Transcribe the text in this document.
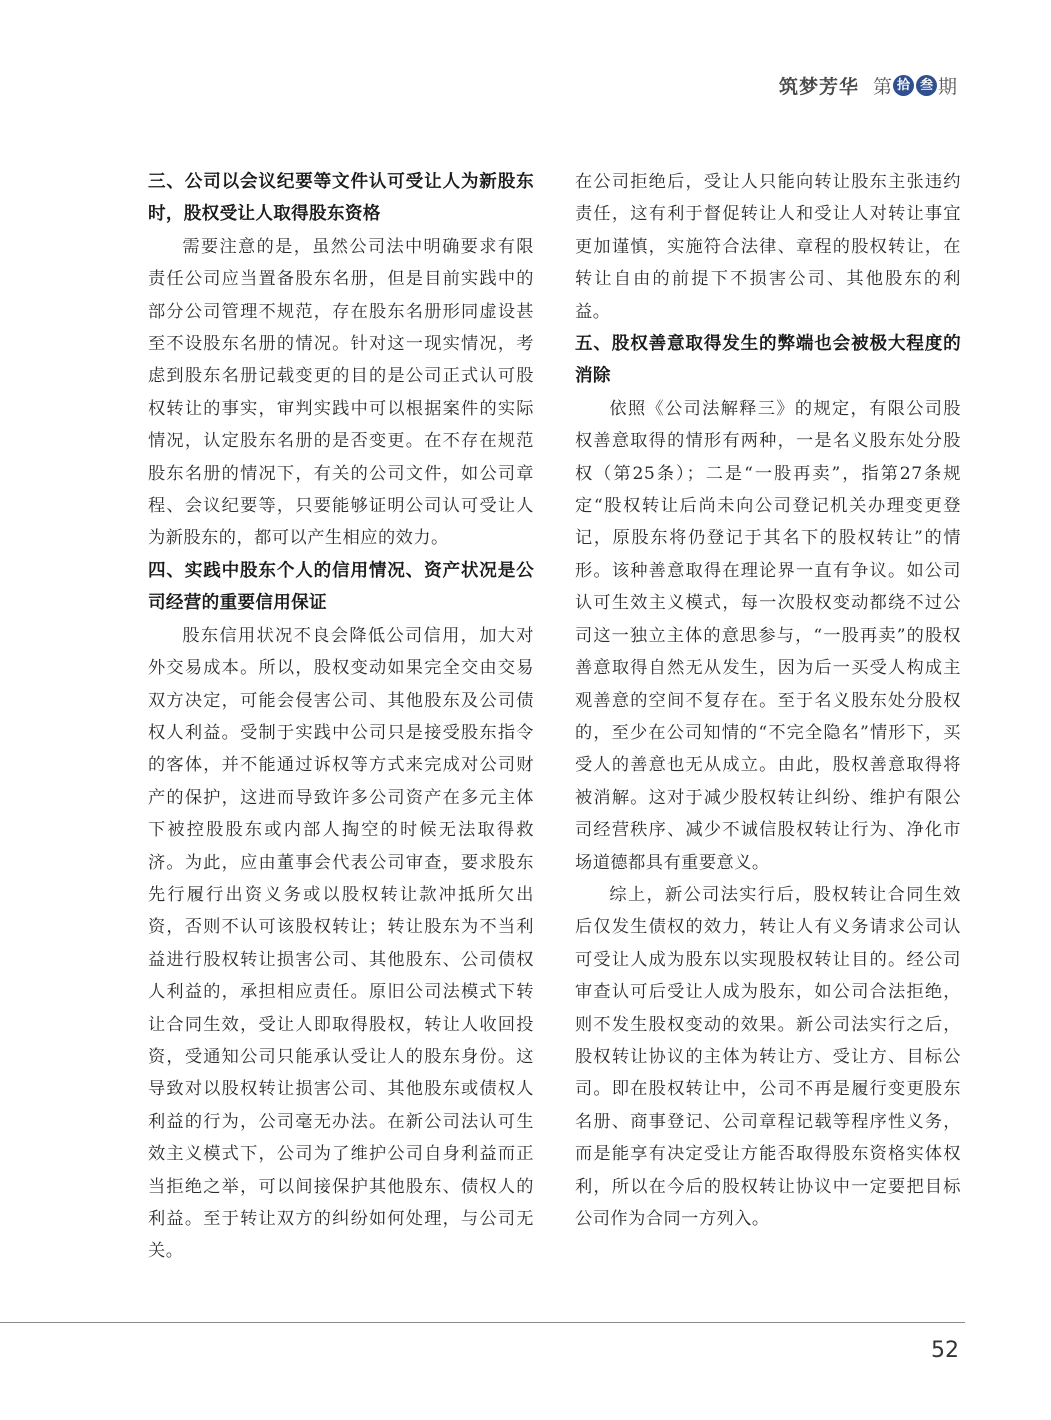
筑梦芳华 第 拾 叁 期
三、公司以会议纪要等文件认可受让人为新股东时，股权受让人取得股东资格

需要注意的是，虽然公司法中明确要求有限责任公司应当置备股东名册，但是目前实践中的部分公司管理不规范，存在股东名册形同虚设甚至不设股东名册的情况。针对这一现实情况，考虑到股东名册记载变更的目的是公司正式认可股权转让的事实，审判实践中可以根据案件的实际情况，认定股东名册的是否变更。在不存在规范股东名册的情况下，有关的公司文件，如公司章程、会议纪要等，只要能够证明公司认可受让人为新股东的，都可以产生相应的效力。

四、实践中股东个人的信用情况、资产状况是公司经营的重要信用保证

股东信用状况不良会降低公司信用，加大对外交易成本。所以，股权变动如果完全交由交易双方决定，可能会侵害公司、其他股东及公司债权人利益。受制于实践中公司只是接受股东指令的客体，并不能通过诉权等方式来完成对公司财产的保护，这进而导致许多公司资产在多元主体下被控股股东或内部人掏空的时候无法取得救济。为此，应由董事会代表公司审查，要求股东先行履行出资义务或以股权转让款冲抵所欠出资，否则不认可该股权转让；转让股东为不当利益进行股权转让损害公司、其他股东、公司债权人利益的，承担相应责任。原旧公司法模式下转让合同生效，受让人即取得股权，转让人收回投资，受通知公司只能承认受让人的股东身份。这导致对以股权转让损害公司、其他股东或债权人利益的行为，公司毫无办法。在新公司法认可生效主义模式下，公司为了维护公司自身利益而正当拒绝之举，可以间接保护其他股东、债权人的利益。至于转让双方的纠纷如何处理，与公司无关。

在公司拒绝后，受让人只能向转让股东主张违约责任，这有利于督促转让人和受让人对转让事宜更加谨慎，实施符合法律、章程的股权转让，在转让自由的前提下不损害公司、其他股东的利益。

五、股权善意取得发生的弊端也会被极大程度的消除

依照《公司法解释三》的规定，有限公司股权善意取得的情形有两种，一是名义股东处分股权（第25条）；二是“一股再卖”，指第27条规定“股权转让后尚未向公司登记机关办理变更登记，原股东将仍登记于其名下的股权转让”的情形。该种善意取得在理论界一直有争议。如公司认可生效主义模式，每一次股权变动都绕不过公司这一独立主体的意思参与，“一股再卖”的股权善意取得自然无从发生，因为后一买受人构成主观善意的空间不复存在。至于名义股东处分股权的，至少在公司知情的“不完全隐名”情形下，买受人的善意也无从成立。由此，股权善意取得将被消解。这对于减少股权转让纠纷、维护有限公司经营秩序、减少不诚信股权转让行为、净化市场道德都具有重要意义。

综上，新公司法实行后，股权转让合同生效后仅发生债权的效力，转让人有义务请求公司认可受让人成为股东以实现股权转让目的。经公司审查认可后受让人成为股东，如公司合法拒绝，则不发生股权变动的效果。新公司法实行之后，股权转让协议的主体为转让方、受让方、目标公司。即在股权转让中，公司不再是履行变更股东名册、商事登记、公司章程记载等程序性义务，而是能享有决定受让方能否取得股东资格实体权利，所以在今后的股权转让协议中一定要把目标公司作为合同一方列入。

52
